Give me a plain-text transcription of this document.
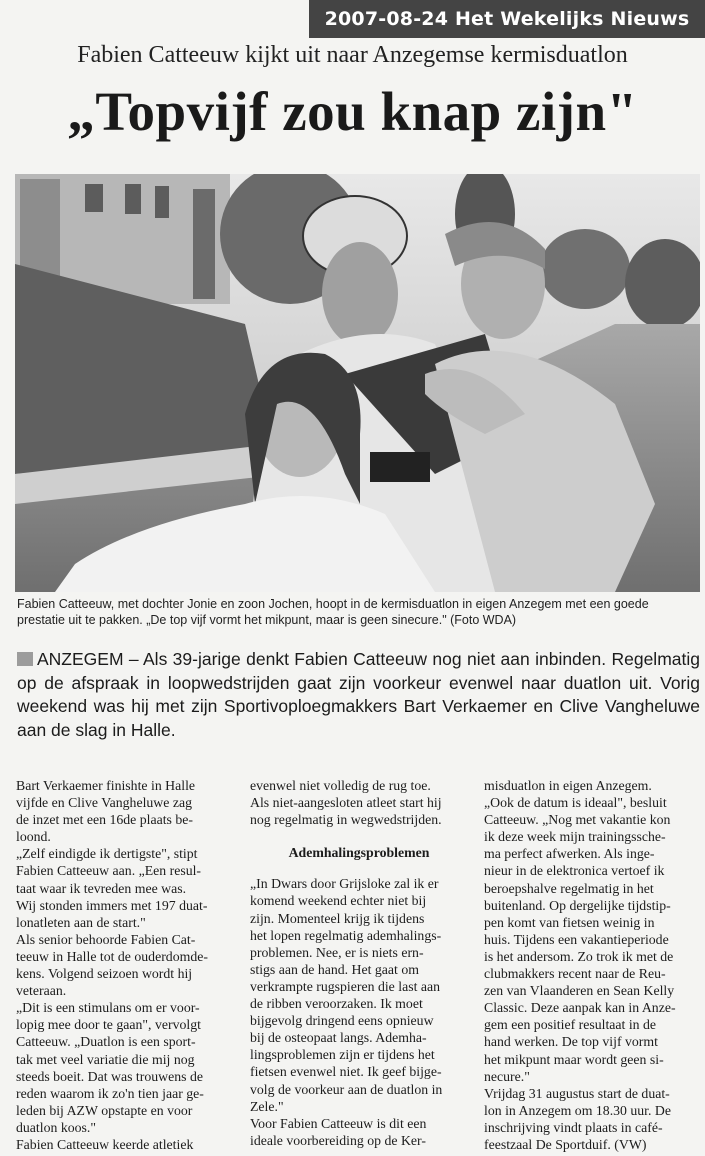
2007-08-24 Het Wekelijks Nieuws
Fabien Catteeuw kijkt uit naar Anzegemse kermisduatlon
„Topvijf zou knap zijn"
Fabien Catteeuw, met dochter Jonie en zoon Jochen, hoopt in de kermisduatlon in eigen Anzegem met een goede prestatie uit te pakken. „De top vijf vormt het mikpunt, maar is geen sinecure." (Foto WDA)
ANZEGEM – Als 39-jarige denkt Fabien Catteeuw nog niet aan inbinden. Regelmatig op de afspraak in loopwedstrijden gaat zijn voorkeur evenwel naar duatlon uit. Vorig weekend was hij met zijn Sportivoploegmakkers Bart Verkaemer en Clive Vangheluwe aan de slag in Halle.
Bart Verkaemer finishte in Halle
vijfde en Clive Vangheluwe zag
de inzet met een 16de plaats be-
loond.
„Zelf eindigde ik dertigste", stipt
Fabien Catteeuw aan. „Een resul-
taat waar ik tevreden mee was.
Wij stonden immers met 197 duat-
lonatleten aan de start."
Als senior behoorde Fabien Cat-
teeuw in Halle tot de ouderdomde-
kens. Volgend seizoen wordt hij
veteraan.
„Dit is een stimulans om er voor-
lopig mee door te gaan", vervolgt
Catteeuw. „Duatlon is een sport-
tak met veel variatie die mij nog
steeds boeit. Dat was trouwens de
reden waarom ik zo'n tien jaar ge-
leden bij AZW opstapte en voor
duatlon koos."
Fabien Catteeuw keerde atletiek
evenwel niet volledig de rug toe.
Als niet-aangesloten atleet start hij
nog regelmatig in wegwedstrijden.
Ademhalingsproblemen
„In Dwars door Grijsloke zal ik er
komend weekend echter niet bij
zijn. Momenteel krijg ik tijdens
het lopen regelmatig ademhalings-
problemen. Nee, er is niets ern-
stigs aan de hand. Het gaat om
verkrampte rugspieren die last aan
de ribben veroorzaken. Ik moet
bijgevolg dringend eens opnieuw
bij de osteopaat langs. Ademha-
lingsproblemen zijn er tijdens het
fietsen evenwel niet. Ik geef bijge-
volg de voorkeur aan de duatlon in
Zele."
Voor Fabien Catteeuw is dit een
ideale voorbereiding op de Ker-
misduatlon in eigen Anzegem.
„Ook de datum is ideaal", besluit
Catteeuw. „Nog met vakantie kon
ik deze week mijn trainingssche-
ma perfect afwerken. Als inge-
nieur in de elektronica vertoef ik
beroepshalve regelmatig in het
buitenland. Op dergelijke tijdstip-
pen komt van fietsen weinig in
huis. Tijdens een vakantieperiode
is het andersom. Zo trok ik met de
clubmakkers recent naar de Reu-
zen van Vlaanderen en Sean Kelly
Classic. Deze aanpak kan in Anze-
gem een positief resultaat in de
hand werken. De top vijf vormt
het mikpunt maar wordt geen si-
necure."
Vrijdag 31 augustus start de duat-
lon in Anzegem om 18.30 uur. De
inschrijving vindt plaats in café-
feestzaal De Sportduif. (VW)
